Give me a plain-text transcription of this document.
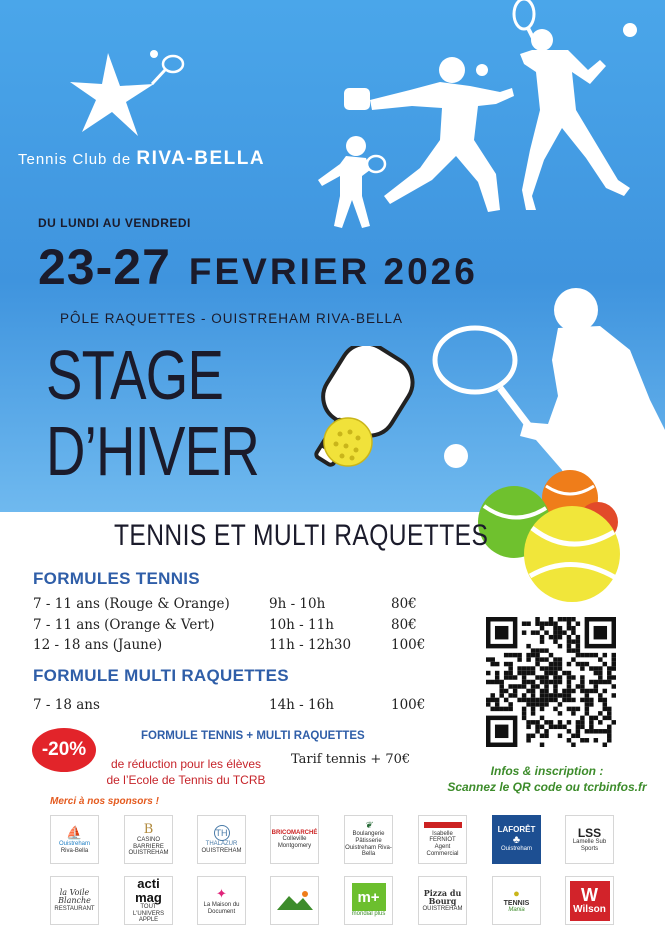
Tennis Club de RIVA-BELLA
DU LUNDI AU VENDREDI
23-27 FEVRIER 2026
PÔLE RAQUETTES - OUISTREHAM RIVA-BELLA
STAGE
D’HIVER
TENNIS ET MULTI RAQUETTES
FORMULES TENNIS
7 - 11 ans (Rouge & Orange)	9h - 10h	80€
7 - 11 ans (Orange & Vert)	10h - 11h	80€
12 - 18 ans (Jaune)	11h - 12h30	100€
FORMULE MULTI RAQUETTES
7 - 18 ans	14h - 16h	100€
FORMULE TENNIS + MULTI RAQUETTES
-20%
de réduction pour les élèves
de l’Ecole de Tennis du TCRB
Tarif tennis + 70€
Infos & inscription :
Scannez le QR code ou tcrbinfos.fr
Merci à nos sponsors !
⛵
Ouistreham
Riva-Bella
B
CASINO BARRIERE
OUISTREHAM
TH
THALAZUR
OUISTREHAM
BRICOMARCHÉ
Colleville Montgomery
❦
Boulangerie Pâtisserie
Ouistreham Riva-Bella
Isabelle FERNIOT
Agent Commercial
LAFORÊT
♣
Ouistreham
LSS
Lamelle Sub Sports
la Voile Blanche
RESTAURANT
acti mag
TOUT L'UNIVERS APPLE
✦
La Maison du Document
m+
mondial plus
Pizza du Bourg
OUISTREHAM
●
TENNIS
Mania
W
Wilson
